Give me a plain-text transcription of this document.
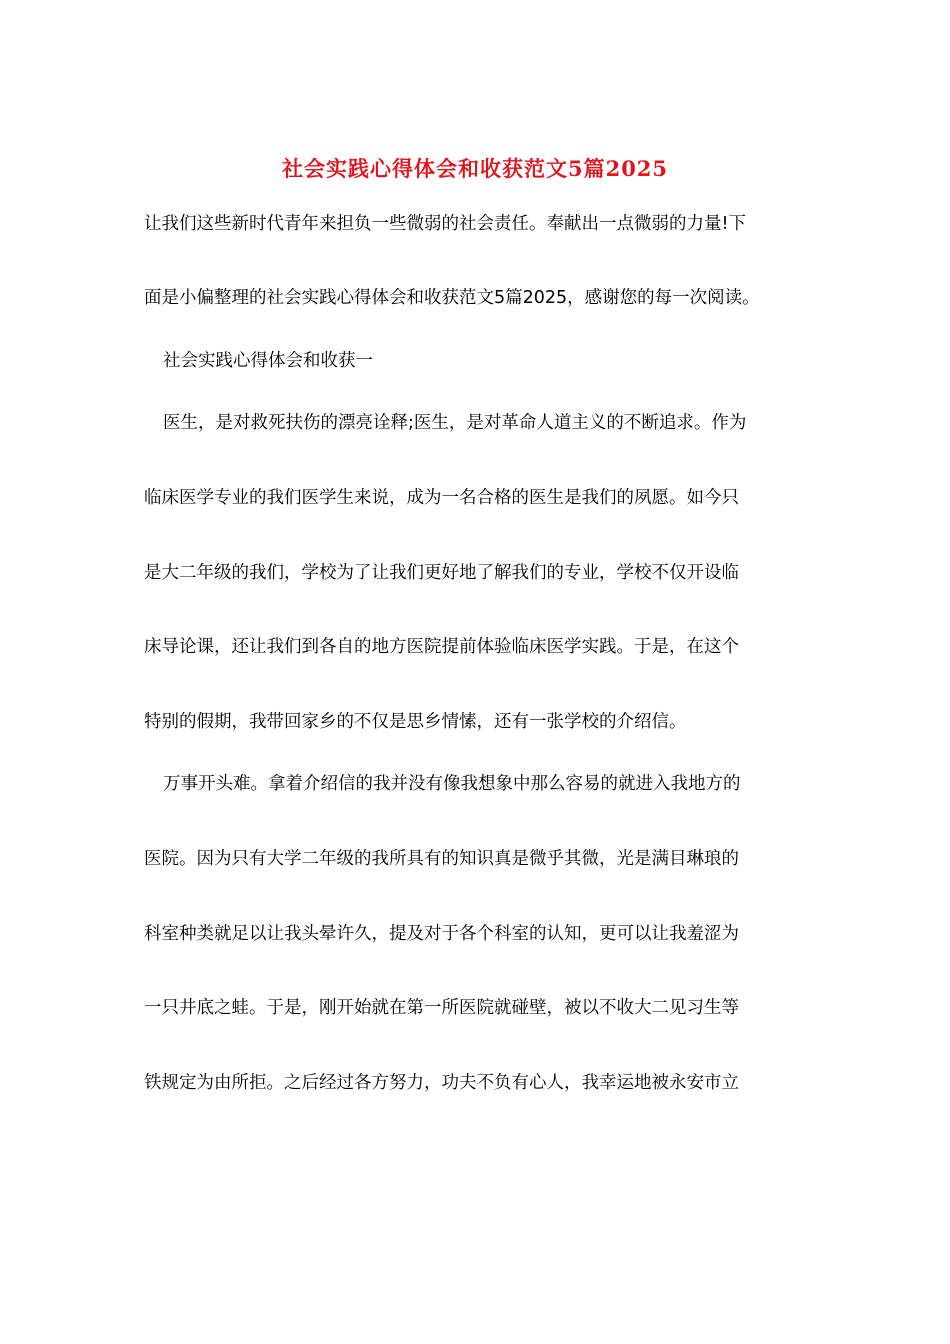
社会实践心得体会和收获范文5篇2025
让我们这些新时代青年来担负一些微弱的社会责任。奉献出一点微弱的力量!下
面是小偏整理的社会实践心得体会和收获范文5篇2025，感谢您的每一次阅读。
社会实践心得体会和收获一
医生，是对救死扶伤的漂亮诠释;医生，是对革命人道主义的不断追求。作为
临床医学专业的我们医学生来说，成为一名合格的医生是我们的夙愿。如今只
是大二年级的我们，学校为了让我们更好地了解我们的专业，学校不仅开设临
床导论课，还让我们到各自的地方医院提前体验临床医学实践。于是，在这个
特别的假期，我带回家乡的不仅是思乡情愫，还有一张学校的介绍信。
万事开头难。拿着介绍信的我并没有像我想象中那么容易的就进入我地方的
医院。因为只有大学二年级的我所具有的知识真是微乎其微，光是满目琳琅的
科室种类就足以让我头晕许久，提及对于各个科室的认知，更可以让我羞涩为
一只井底之蛙。于是，刚开始就在第一所医院就碰壁，被以不收大二见习生等
铁规定为由所拒。之后经过各方努力，功夫不负有心人，我幸运地被永安市立
